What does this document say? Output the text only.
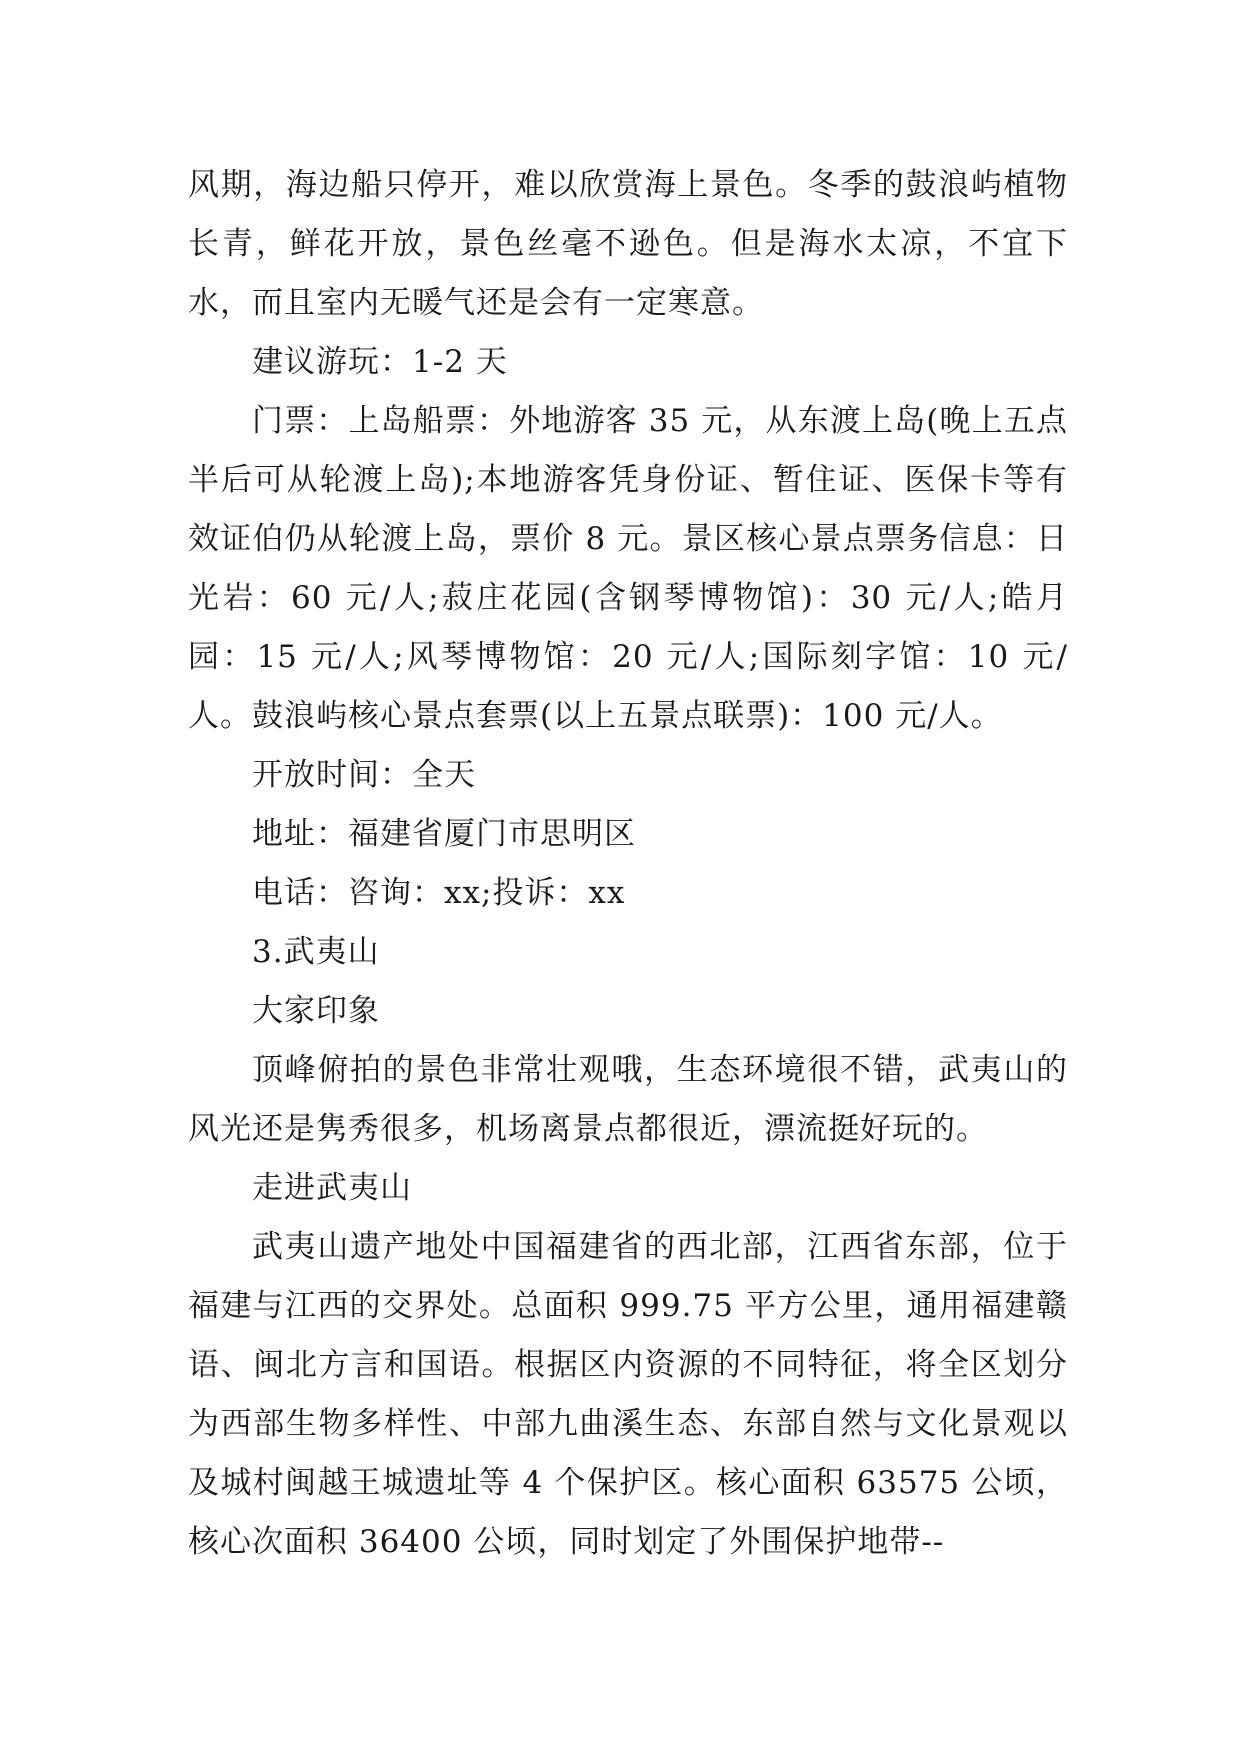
风期，海边船只停开，难以欣赏海上景色。冬季的鼓浪屿植物长青，鲜花开放，景色丝毫不逊色。但是海水太凉，不宜下水，而且室内无暖气还是会有一定寒意。

建议游玩：1-2 天

门票：上岛船票：外地游客 35 元，从东渡上岛(晚上五点半后可从轮渡上岛);本地游客凭身份证、暂住证、医保卡等有效证伯仍从轮渡上岛，票价 8 元。景区核心景点票务信息：日光岩：60 元/人;菽庄花园(含钢琴博物馆)：30 元/人;皓月园：15 元/人;风琴博物馆：20 元/人;国际刻字馆：10 元/人。鼓浪屿核心景点套票(以上五景点联票)：100 元/人。

开放时间：全天

地址：福建省厦门市思明区

电话：咨询：xx;投诉：xx

3.武夷山

大家印象

顶峰俯拍的景色非常壮观哦，生态环境很不错，武夷山的风光还是隽秀很多，机场离景点都很近，漂流挺好玩的。

走进武夷山

武夷山遗产地处中国福建省的西北部，江西省东部，位于福建与江西的交界处。总面积 999.75 平方公里，通用福建赣语、闽北方言和国语。根据区内资源的不同特征，将全区划分为西部生物多样性、中部九曲溪生态、东部自然与文化景观以及城村闽越王城遗址等 4 个保护区。核心面积 63575 公顷，核心次面积 36400 公顷，同时划定了外围保护地带--
